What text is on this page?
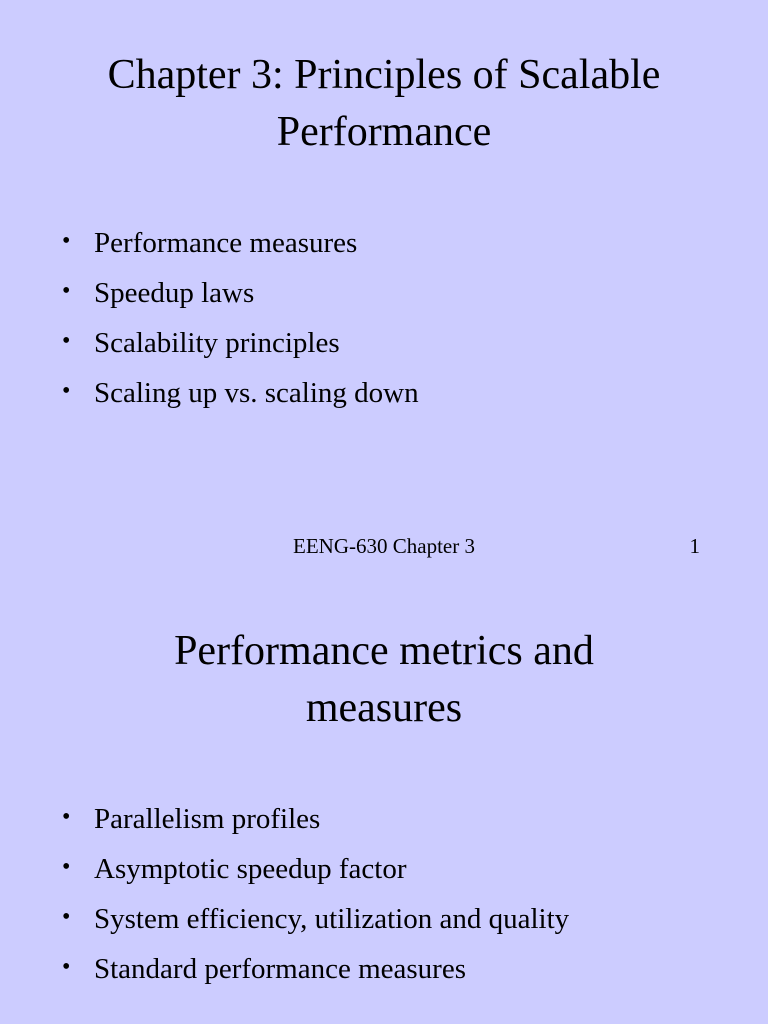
Chapter 3: Principles of Scalable
Performance
• Performance measures
• Speedup laws
• Scalability principles
• Scaling up vs. scaling down
EENG-630 Chapter 3	1
Performance metrics and
measures
• Parallelism profiles
• Asymptotic speedup factor
• System efficiency, utilization and quality
• Standard performance measures
